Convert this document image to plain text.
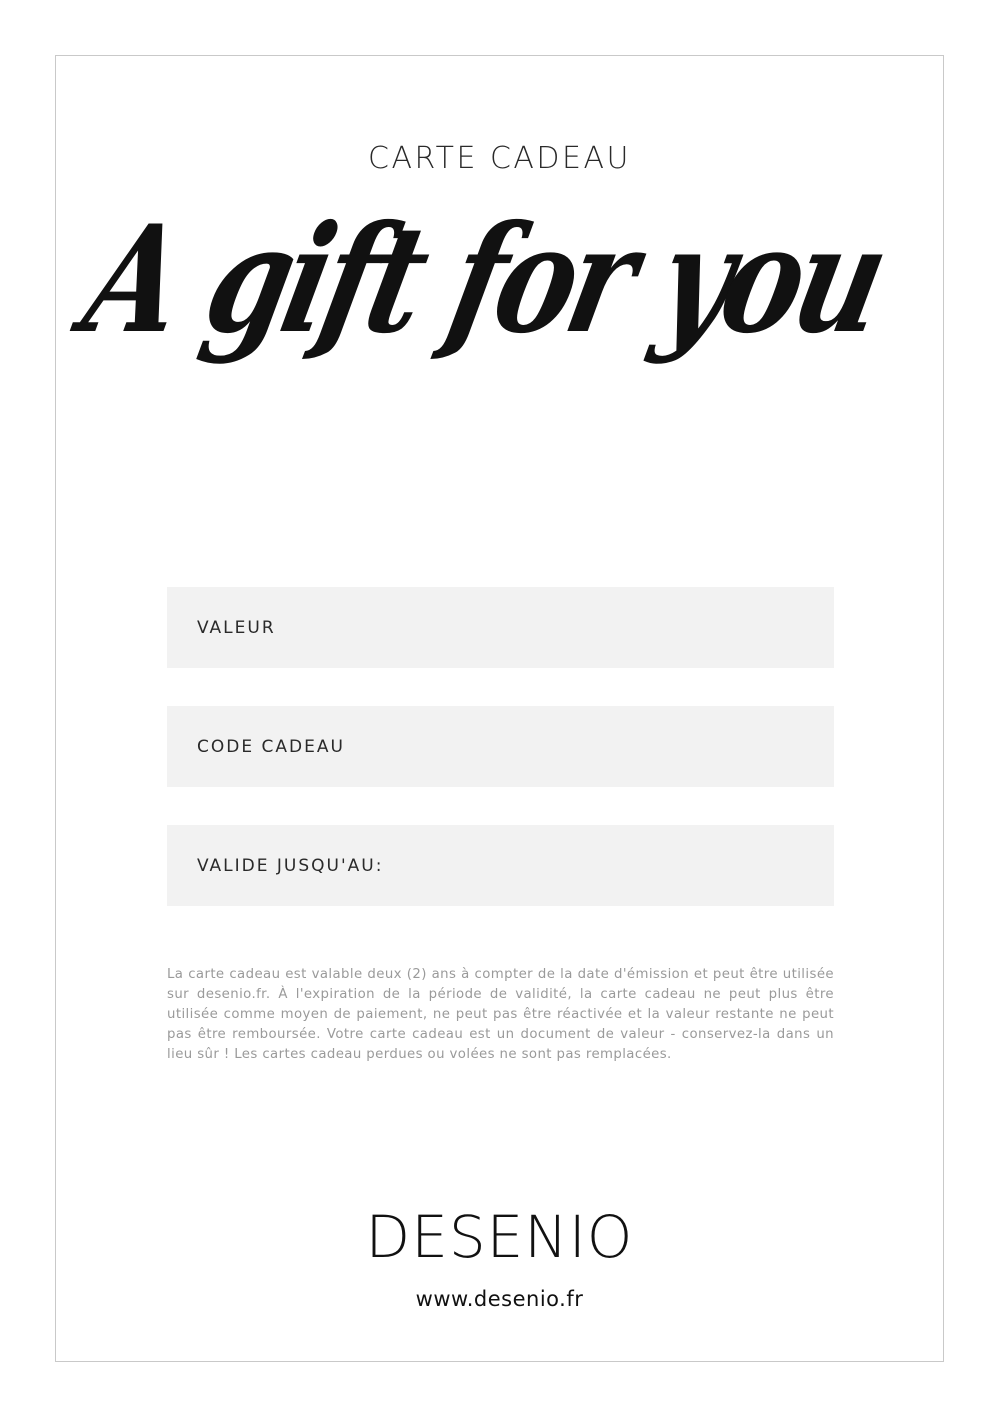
CARTE CADEAU
A gift for you
VALEUR
CODE CADEAU
VALIDE JUSQU'AU:
La carte cadeau est valable deux (2) ans à compter de la date d'émission et peut être utilisée sur desenio.fr. À l'expiration de la période de validité, la carte cadeau ne peut plus être utilisée comme moyen de paiement, ne peut pas être réactivée et la valeur restante ne peut pas être remboursée. Votre carte cadeau est un document de valeur - conservez-la dans un lieu sûr ! Les cartes cadeau perdues ou volées ne sont pas remplacées.
DESENIO
www.desenio.fr
